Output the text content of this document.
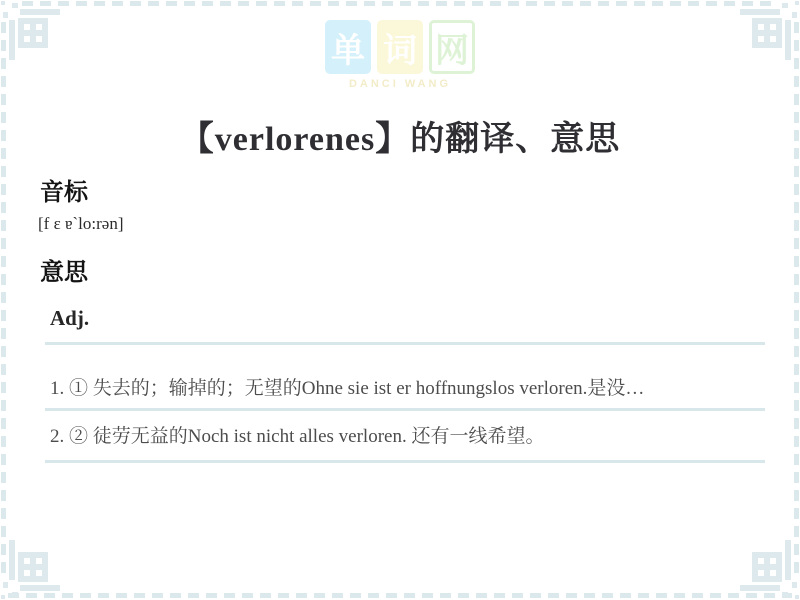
单 词 网
DANCI WANG
【verlorenes】的翻译、意思
音标
[f ɛ ɐ`lo:rən]
意思
Adj.
1. ① 失去的；输掉的；无望的Ohne sie ist er hoffnungslos verloren.是没…
2. ② 徒劳无益的Noch ist nicht alles verloren. 还有一线希望。
